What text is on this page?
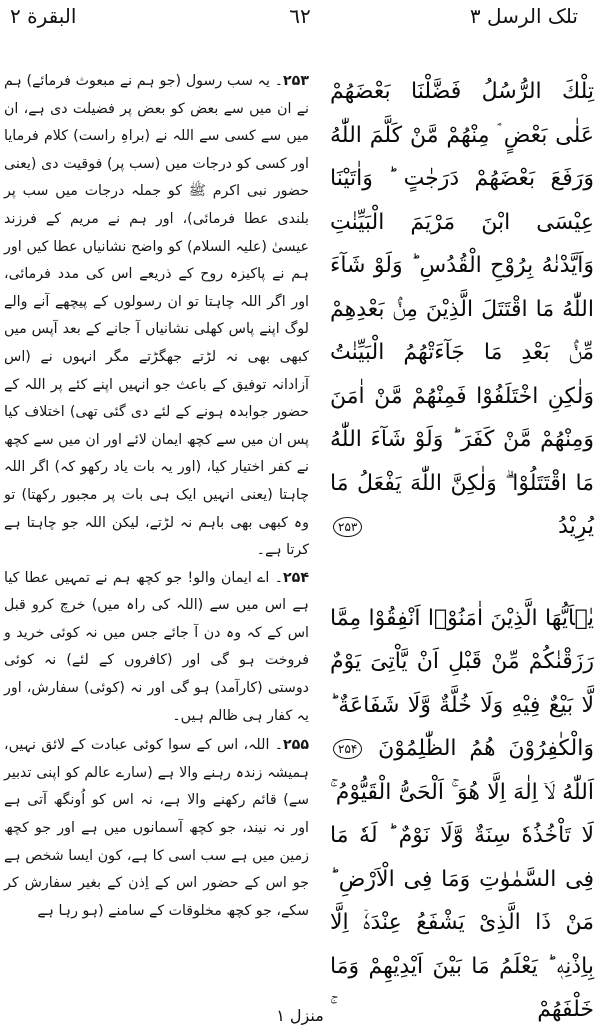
البقرة ٢	٦٢	تلک الرسل ٣

۲۵۳۔ یہ سب رسول (جو ہم نے مبعوث فرمائے) ہم نے ان میں سے بعض کو بعض پر فضیلت دی ہے، ان میں سے کسی سے اللہ نے (براہِ راست) کلام فرمایا اور کسی کو درجات میں (سب پر) فوقیت دی (یعنی حضور نبی اکرم ﷺ کو جملہ درجات میں سب پر بلندی عطا فرمائی)، اور ہم نے مریم کے فرزند عیسیٰ (علیہ السلام) کو واضح نشانیاں عطا کیں اور ہم نے پاکیزہ روح کے ذریعے اس کی مدد فرمائی، اور اگر اللہ چاہتا تو ان رسولوں کے پیچھے آنے والے لوگ اپنے پاس کھلی نشانیاں آ جانے کے بعد آپس میں کبھی بھی نہ لڑتے جھگڑتے مگر انہوں نے (اس آزادانہ توفیق کے باعث جو انہیں اپنے کئے پر اللہ کے حضور جوابدہ ہونے کے لئے دی گئی تھی) اختلاف کیا پس ان میں سے کچھ ایمان لائے اور ان میں سے کچھ نے کفر اختیار کیا، (اور یہ بات یاد رکھو کہ) اگر اللہ چاہتا (یعنی انہیں ایک ہی بات پر مجبور رکھتا) تو وہ کبھی بھی باہم نہ لڑتے، لیکن اللہ جو چاہتا ہے کرتا ہے۔

۲۵۴۔ اے ایمان والو! جو کچھ ہم نے تمہیں عطا کیا ہے اس میں سے (اللہ کی راہ میں) خرچ کرو قبل اس کے کہ وہ دن آ جائے جس میں نہ کوئی خرید و فروخت ہو گی اور (کافروں کے لئے) نہ کوئی دوستی (کارآمد) ہو گی اور نہ (کوئی) سفارش، اور یہ کفار ہی ظالم ہیں۔

۲۵۵۔ اللہ، اس کے سوا کوئی عبادت کے لائق نہیں، ہمیشہ زندہ رہنے والا ہے (سارے عالم کو اپنی تدبیر سے) قائم رکھنے والا ہے، نہ اس کو اُونگھ آتی ہے اور نہ نیند، جو کچھ آسمانوں میں ہے اور جو کچھ زمین میں ہے سب اسی کا ہے، کون ایسا شخص ہے جو اس کے حضور اس کے اِذن کے بغیر سفارش کر سکے، جو کچھ مخلوقات کے سامنے (ہو رہا ہے

تِلْكَ الرُّسُلُ فَضَّلْنَا بَعْضَهُمْ عَلٰى بَعْضٍ ۘ مِنْهُمْ مَّنْ كَلَّمَ اللّٰهُ وَرَفَعَ بَعْضَهُمْ دَرَجٰتٍ ؕ وَاٰتَيْنَا عِيْسَى ابْنَ مَرْيَمَ الْبَيِّنٰتِ وَاَيَّدْنٰهُ بِرُوْحِ الْقُدُسِ ؕ وَلَوْ شَآءَ اللّٰهُ مَا اقْتَتَلَ الَّذِيْنَ مِنْۢ بَعْدِهِمْ مِّنْۢ بَعْدِ مَا جَآءَتْهُمُ الْبَيِّنٰتُ وَلٰكِنِ اخْتَلَفُوْا فَمِنْهُمْ مَّنْ اٰمَنَ وَمِنْهُمْ مَّنْ كَفَرَ ؕ وَلَوْ شَآءَ اللّٰهُ مَا اقْتَتَلُوْا ۗ وَلٰكِنَّ اللّٰهَ يَفْعَلُ مَا يُرِيْدُ ۲۵۳

يٰۤاَيُّهَا الَّذِيْنَ اٰمَنُوْۤا اَنْفِقُوْا مِمَّا رَزَقْنٰكُمْ مِّنْ قَبْلِ اَنْ يَّاْتِىَ يَوْمٌ لَّا بَيْعٌ فِيْهِ وَلَا خُلَّةٌ وَّلَا شَفَاعَةٌ ؕ وَالْكٰفِرُوْنَ هُمُ الظّٰلِمُوْنَ ۲۵۴

اَللّٰهُ لَاۤ اِلٰهَ اِلَّا هُوَ ۚ اَلْحَىُّ الْقَيُّوْمُ ۚ لَا تَاْخُذُهٗ سِنَةٌ وَّلَا نَوْمٌ ؕ لَهٗ مَا فِى السَّمٰوٰتِ وَمَا فِى الْاَرْضِ ؕ مَنْ ذَا الَّذِىْ يَشْفَعُ عِنْدَهٗۤ اِلَّا بِاِذْنِهٖ ؕ يَعْلَمُ مَا بَيْنَ اَيْدِيْهِمْ وَمَا خَلْفَهُمْ ۚ

منزل ١
